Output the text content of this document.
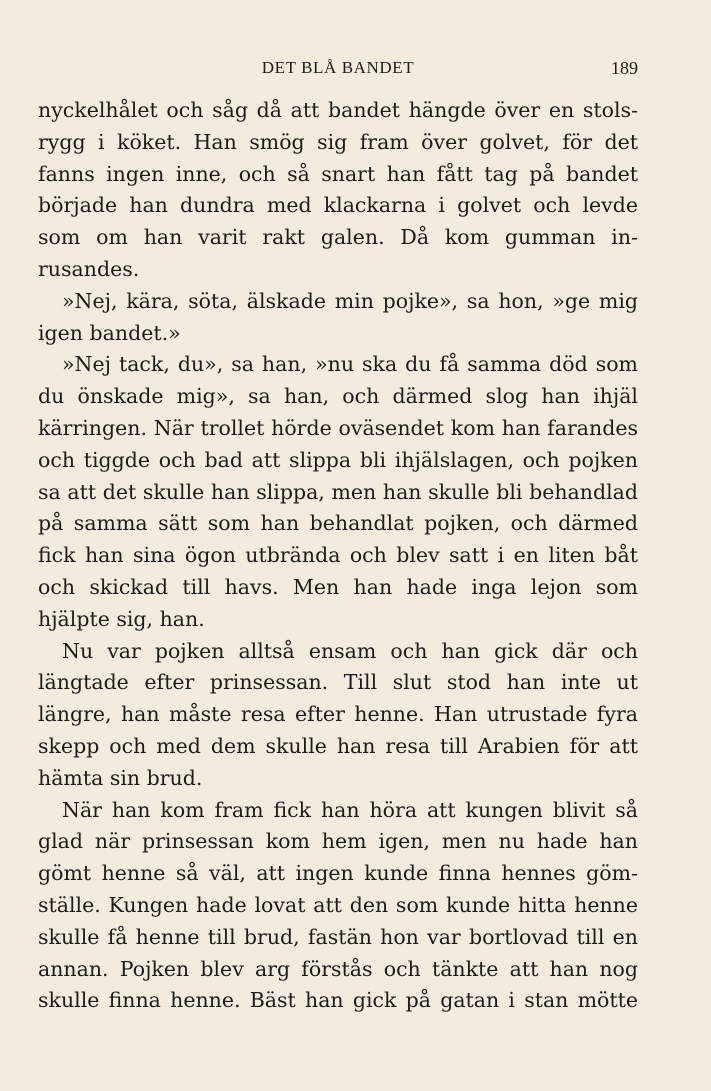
DET BLÅ BANDET	189
nyckelhålet och såg då att bandet hängde över en stols-
rygg i köket. Han smög sig fram över golvet, för det
fanns ingen inne, och så snart han fått tag på bandet
började han dundra med klackarna i golvet och levde
som om han varit rakt galen. Då kom gumman in-
rusandes.
»Nej, kära, söta, älskade min pojke», sa hon, »ge mig
igen bandet.»
»Nej tack, du», sa han, »nu ska du få samma död som
du önskade mig», sa han, och därmed slog han ihjäl
kärringen. När trollet hörde oväsendet kom han farandes
och tiggde och bad att slippa bli ihjälslagen, och pojken
sa att det skulle han slippa, men han skulle bli behandlad
på samma sätt som han behandlat pojken, och därmed
fick han sina ögon utbrända och blev satt i en liten båt
och skickad till havs. Men han hade inga lejon som
hjälpte sig, han.
Nu var pojken alltså ensam och han gick där och
längtade efter prinsessan. Till slut stod han inte ut
längre, han måste resa efter henne. Han utrustade fyra
skepp och med dem skulle han resa till Arabien för att
hämta sin brud.
När han kom fram fick han höra att kungen blivit så
glad när prinsessan kom hem igen, men nu hade han
gömt henne så väl, att ingen kunde finna hennes göm-
ställe. Kungen hade lovat att den som kunde hitta henne
skulle få henne till brud, fastän hon var bortlovad till en
annan. Pojken blev arg förstås och tänkte att han nog
skulle finna henne. Bäst han gick på gatan i stan mötte
